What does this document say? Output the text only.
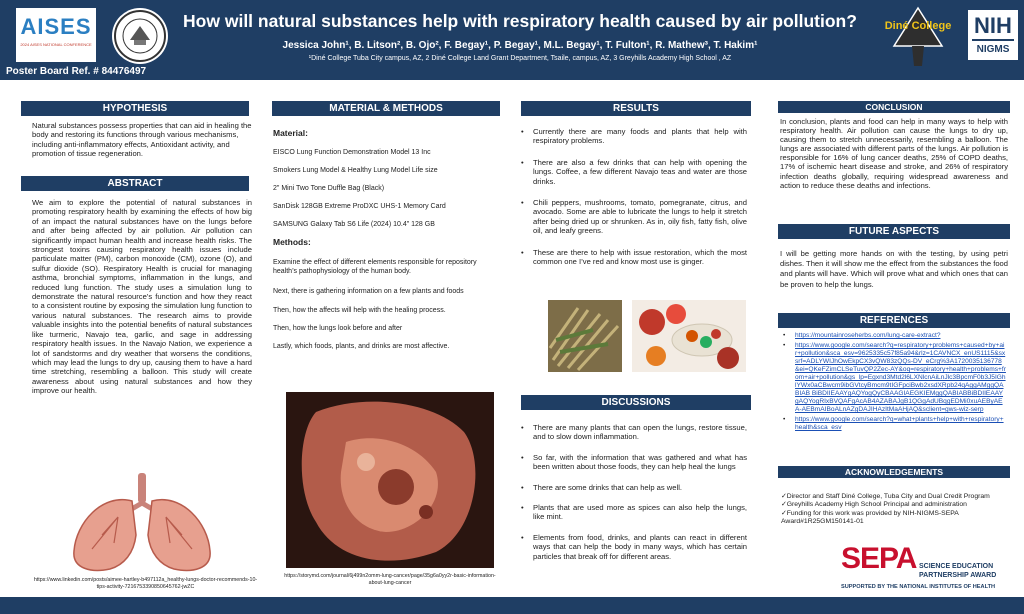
AISES
2024 AISES NATIONAL CONFERENCE
How will natural substances help with respiratory health caused by air pollution?
Jessica John¹, B. Litson², B. Ojo², F. Begay¹, P. Begay¹, M.L. Begay¹, T. Fulton¹, R. Mathew³, T. Hakim¹
¹Diné College Tuba City campus, AZ, 2 Diné College Land Grant Department, Tsaile, campus, AZ, 3 Greyhills Academy High School , AZ
Poster Board Ref. # 84476497
Diné College NIH
NIGMS
HYPOTHESIS
Natural substances possess properties that can aid in healing the body and restoring its functions through various mechanisms, including anti-inflammatory effects, Antioxidant activity, and promotion of tissue regeneration.
ABSTRACT
We aim to explore the potential of natural substances in promoting respiratory health by examining the effects of how big of an impact the natural substances have on the lungs before and after being affected by air pollution. Air pollution can significantly impact human health and increase health risks. The strongest toxins causing respiratory health issues include particulate matter (PM), carbon monoxide (CM), ozone (O), and sulfur dioxide (SO). Respiratory Health is crucial for managing asthma, bronchial symptoms, inflammation in the lungs, and reduced lung function. The study uses a simulation lung to demonstrate the natural resource’s function and how they react to a consistent routine by exposing the simulation lung function to various natural substances. The research aims to provide valuable insights into the potential benefits of natural substances like turmeric, Navajo tea, garlic, and sage in addressing respiratory health issues. In the Navajo Nation, we experience a lot of sandstorms and dry weather that worsens the conditions, which may lead the lungs to dry up, causing them to have a hard time stretching, resembling a balloon. This study will create awareness about using natural substances and how they improve our health.
https://www.linkedin.com/posts/aimee-hartley-b497112a_healthy-lungs-doctor-recommends-10-tips-activity-7216753390850645762-jwZC
MATERIAL & METHODS
Material:
EISCO Lung Function Demonstration Model 13 Inc
Smokers Lung Model & Healthy Lung Model Life size
2" Mini Two Tone Duffle Bag (Black)
SanDisk 128GB Extreme ProDXC UHS-1 Memory Card
SAMSUNG Galaxy Tab S6 Life (2024) 10.4" 128 GB
Methods:
Examine the effect of different elements responsible for repository health’s pathophysiology of the human body.
Next, there is gathering information on a few plants and foods
Then, how the affects will help with the healing process.
Then, how the lungs look before and after
Lastly, which foods, plants, and drinks are most affective.
https://storymd.com/journal/6j499n2omm-lung-cancer/page/35g6a0yy2r-basic-information-about-lung-cancer
RESULTS
• Currently there are many foods and plants that help with respiratory problems.
• There are also a few drinks that can help with opening the lungs. Coffee, a few different Navajo teas and water are those drinks.
• Chili peppers, mushrooms, tomato, pomegranate, citrus, and avocado. Some are able to lubricate the lungs to help it stretch after being dried up or shrunken. As in, oily fish, fatty fish, olive oil, and leafy greens.
• These are there to help with issue restoration, which the most common one I’ve red and know most use is ginger.
DISCUSSIONS
• There are many plants that can open the lungs, restore tissue, and to slow down inflammation.
• So far, with the information that was gathered and what has been written about those foods, they can help heal the lungs
• There are some drinks that can help as well.
• Plants that are used more as spices can also help the lungs, like mint.
• Elements from food, drinks, and plants can react in different ways that can help the body in many ways, which has certain particles that break off for different areas.
CONCLUSION
In conclusion, plants and food can help in many ways to help with respiratory health. Air pollution can cause the lungs to dry up, causing them to stretch unnecessarily, resembling a balloon. The lungs are associated with different parts of the lungs. Air pollution is responsible for 16% of lung cancer deaths, 25% of COPD deaths, 17% of ischemic heart disease and stroke, and 26% of respiratory infection deaths globally, requiring widespread awareness and action to reduce these deaths and infections.
FUTURE ASPECTS
I will be getting more hands on with the testing, by using petri dishes. Then it will show me the effect from the substances the food and plants will have. Which will prove what and which ones that can be proven to help the lungs.
REFERENCES
• https://mountainroseherbs.com/lung-care-extract?
• https://www.google.com/search?q=respiratory+problems+caused+by+air+pollution&sca_esv=9625335c57f85a94&rlz=1CAVNCX_enUS1115&sxsrf=ADLYWIJhOwEkpCX3vQW83zQQs-DV_eCrg%3A1720035136778&ei=QKeFZimCLSeTuvQP2Zec-AY&oq=respiratory+health+problems+from+air+pollution&gs_lp=Egxnd3Mtd2l6LXNlcnAiLnJlc3BpcmF0b3J5IGhlYWx0aCBwcm9ibGVtcyBmcm9tIGFpciBwb2xsdXRpb24qAggAMggQABIAB BiBDIIEAAYgAQYogQyCBAAGIAEGKIEMggQABIABBiBDIIEAAYgAQYogRIxBVQAFgAcAB4AZABAJgB1QGgAdUBqgEDMi0xuAEByAEA-AEBmAIBoALnAZgDAJIHAzItMaAHjAQ&sclient=gws-wiz-serp
• https://www.google.com/search?q=what+plants+help+with+respiratory+health&sca_esv
ACKNOWLEDGEMENTS
✓Director and Staff Diné College, Tuba City and Dual Credit Program
✓Greyhills Academy High School Principal and administration
✓Funding for this work was provided by NIH-NIGMS-SEPA Award#1R25GM150141-01
SEPA SCIENCE EDUCATION
PARTNERSHIP AWARD
SUPPORTED BY THE NATIONAL INSTITUTES OF HEALTH
